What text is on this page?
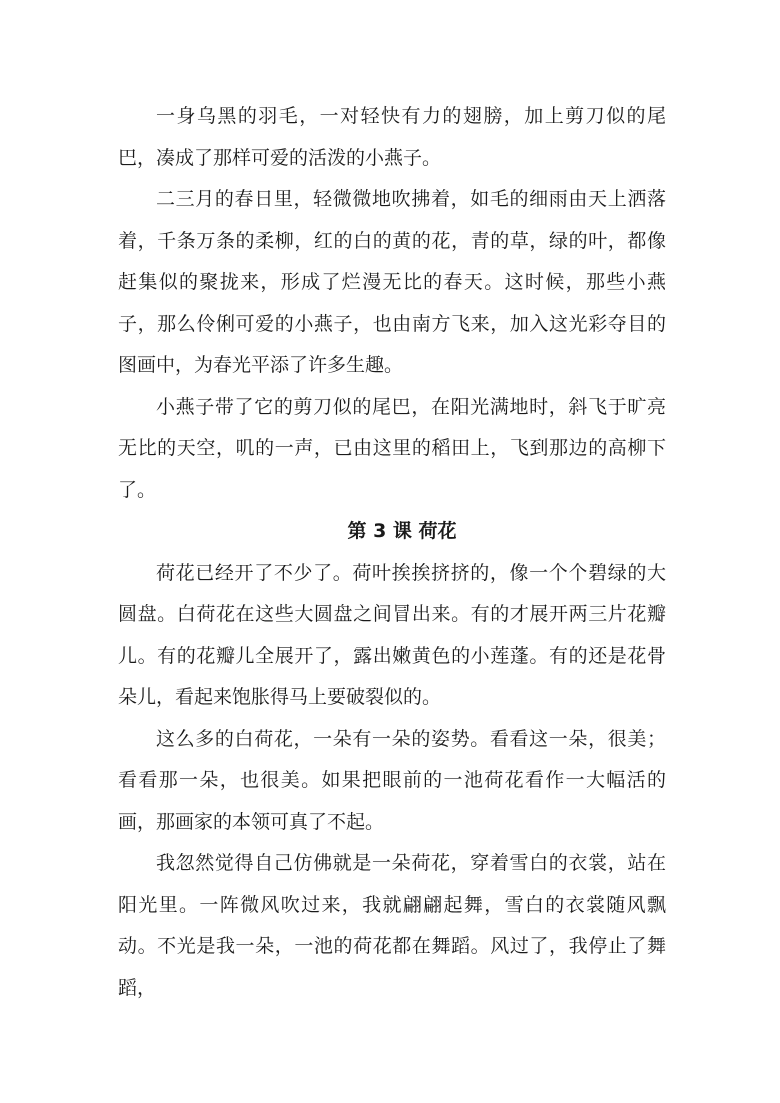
一身乌黑的羽毛，一对轻快有力的翅膀，加上剪刀似的尾巴，凑成了那样可爱的活泼的小燕子。

二三月的春日里，轻微微地吹拂着，如毛的细雨由天上洒落着，千条万条的柔柳，红的白的黄的花，青的草，绿的叶，都像赶集似的聚拢来，形成了烂漫无比的春天。这时候，那些小燕子，那么伶俐可爱的小燕子，也由南方飞来，加入这光彩夺目的图画中，为春光平添了许多生趣。

小燕子带了它的剪刀似的尾巴，在阳光满地时，斜飞于旷亮无比的天空，叽的一声，已由这里的稻田上，飞到那边的高柳下了。

第 3 课 荷花

荷花已经开了不少了。荷叶挨挨挤挤的，像一个个碧绿的大圆盘。白荷花在这些大圆盘之间冒出来。有的才展开两三片花瓣儿。有的花瓣儿全展开了，露出嫩黄色的小莲蓬。有的还是花骨朵儿，看起来饱胀得马上要破裂似的。

这么多的白荷花，一朵有一朵的姿势。看看这一朵，很美；看看那一朵，也很美。如果把眼前的一池荷花看作一大幅活的画，那画家的本领可真了不起。

我忽然觉得自己仿佛就是一朵荷花，穿着雪白的衣裳，站在阳光里。一阵微风吹过来，我就翩翩起舞，雪白的衣裳随风飘动。不光是我一朵，一池的荷花都在舞蹈。风过了，我停止了舞蹈，
